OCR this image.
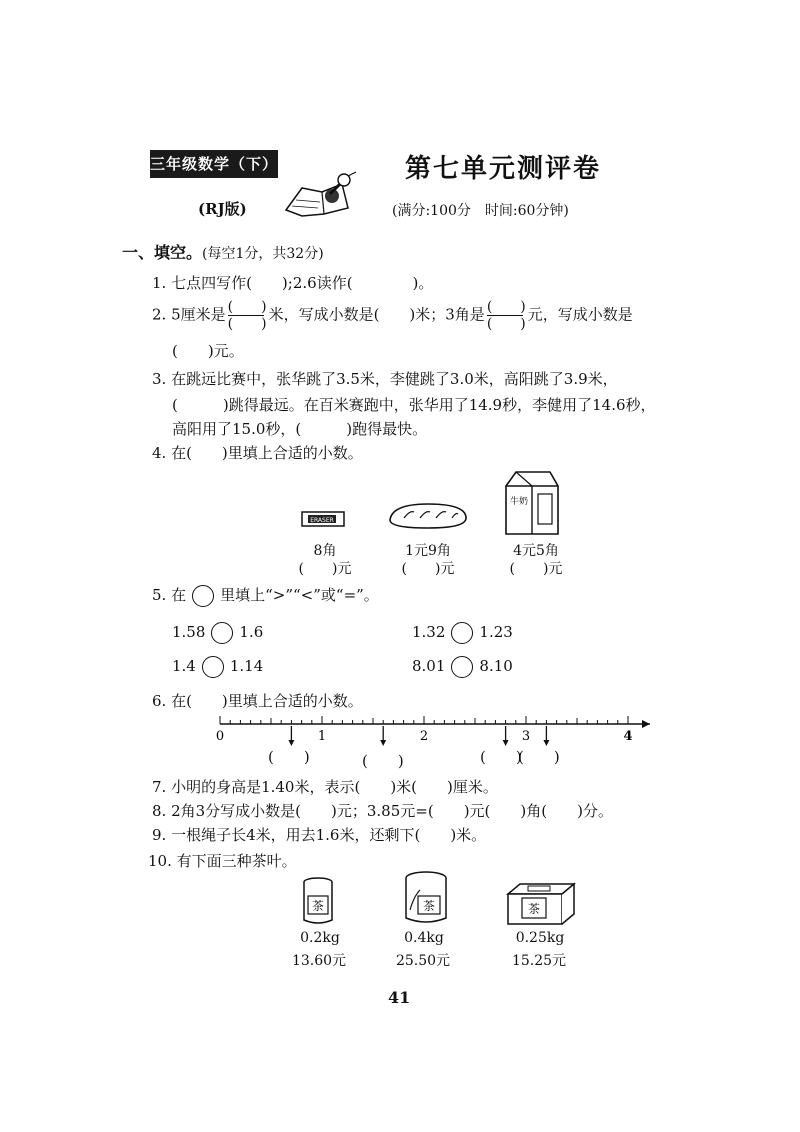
三年级数学（下）	第七单元测评卷
(RJ版)	(满分:100分　时间:60分钟)
一、填空。(每空1分，共32分)
1. 七点四写作(　　);2.6读作(　　　　)。
2. 5厘米是 $\frac{( )}{( )}$ 米，写成小数是(　　)米；3角是 $\frac{( )}{( )}$ 元，写成小数是
(　　)元。
3. 在跳远比赛中，张华跳了3.5米，李健跳了3.0米，高阳跳了3.9米，
(　　　)跳得最远。在百米赛跑中，张华用了14.9秒，李健用了14.6秒，
高阳用了15.0秒，(　　　)跑得最快。
4. 在(　　)里填上合适的小数。
ERASER
牛奶
8角
(　　)元
1元9角
(　　)元
4元5角
(　　)元
5. 在 里填上“>”“<”或“=”。
1.58 1.6	1.32 1.23
1.4 1.14	8.01 8.10
6. 在(　　)里填上合适的小数。
0	1	2	3	4
(　　)	(　　)	(　　)
(　　)
7. 小明的身高是1.40米，表示(　　)米(　　)厘米。
8. 2角3分写成小数是(　　)元；3.85元=(　　)元(　　)角(　　)分。
9. 一根绳子长4米，用去1.6米，还剩下(　　)米。
10. 有下面三种茶叶。
茶	茶	茶
0.2kg
13.60元
0.4kg
25.50元
0.25kg
15.25元
41
